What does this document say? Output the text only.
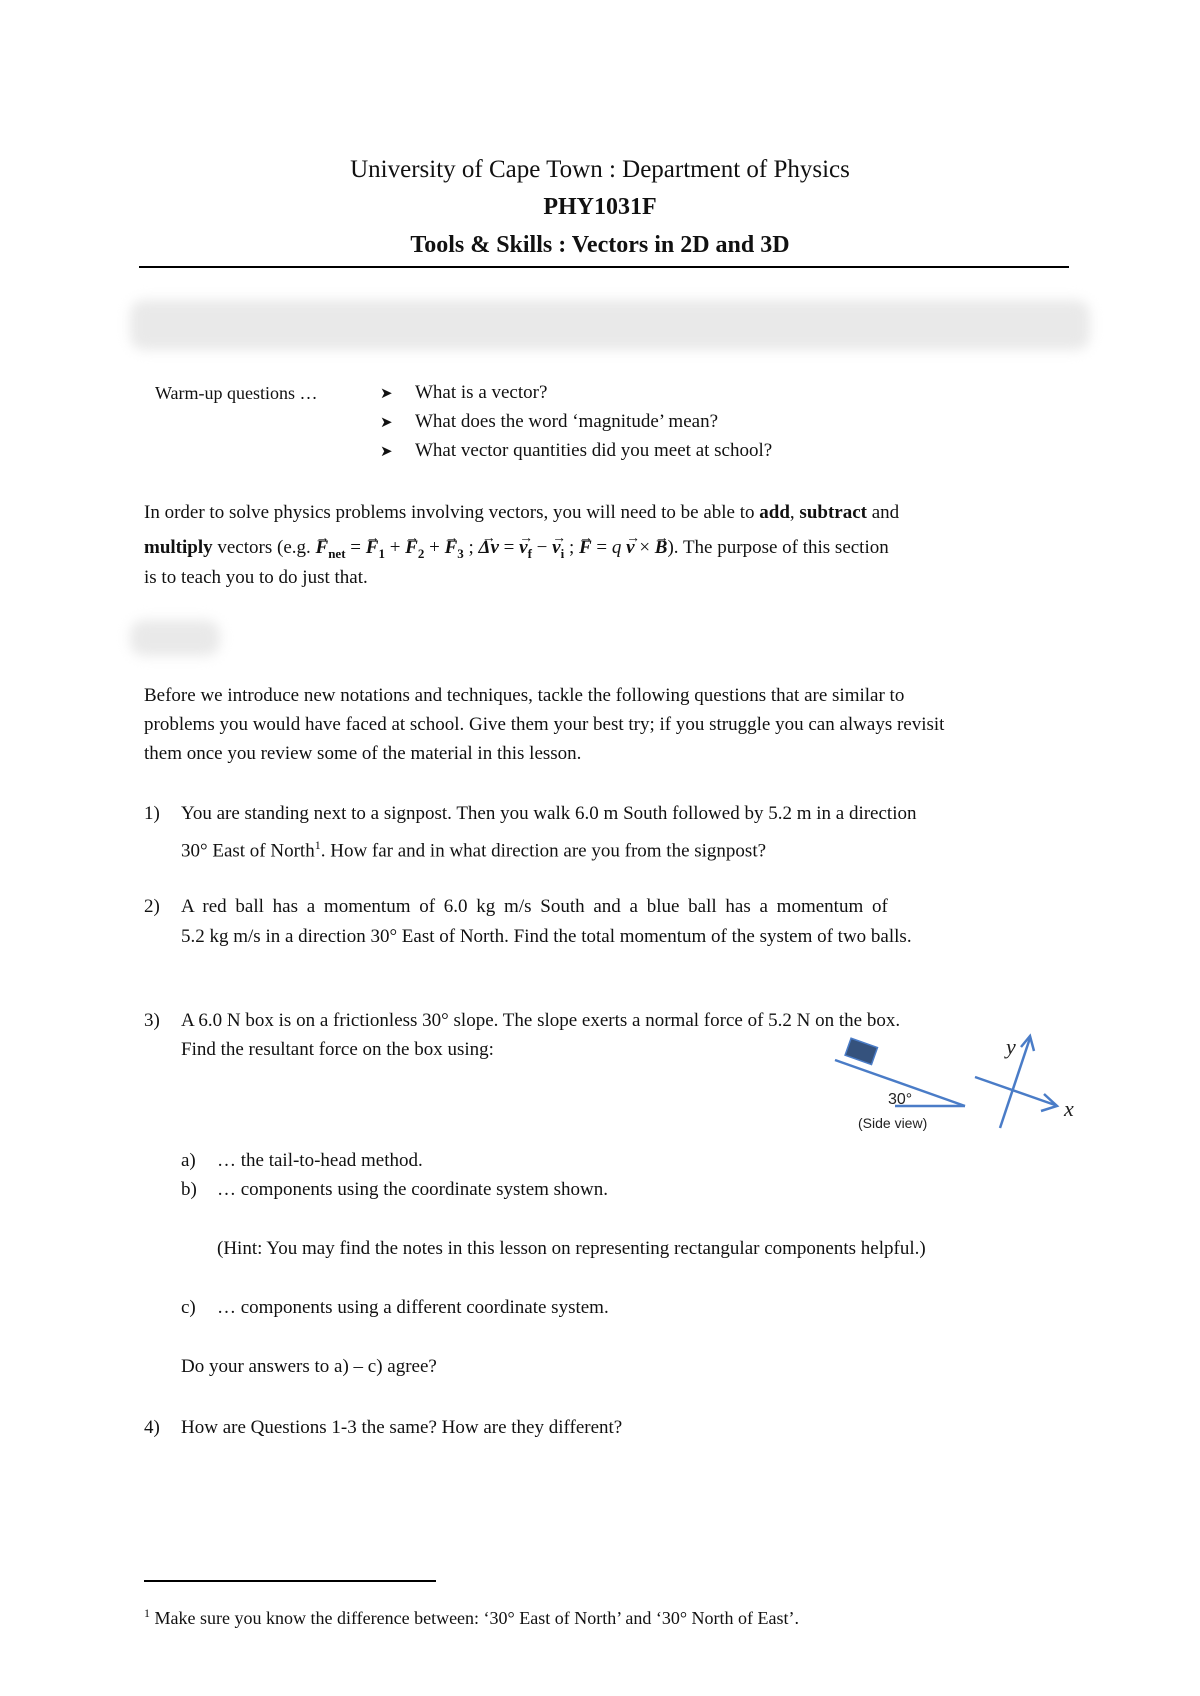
University of Cape Town : Department of Physics
PHY1031F
Tools & Skills : Vectors in 2D and 3D
Warm-up questions …	➤ What is a vector?
➤ What does the word ‘magnitude’ mean?
➤ What vector quantities did you meet at school?
In order to solve physics problems involving vectors, you will need to be able to add, subtract and
multiply vectors (e.g. → $F_{net}$ = → $F_1$ + → $F_2$ + → $F_3$ ; → Δv = → $v_f$ − → $v_i$ ; → F = q → v × → B). The purpose of this section
is to teach you to do just that.
Before we introduce new notations and techniques, tackle the following questions that are similar to
problems you would have faced at school. Give them your best try; if you struggle you can always revisit
them once you review some of the material in this lesson.
1) You are standing next to a signpost. Then you walk 6.0 m South followed by 5.2 m in a direction
30° East of North$^1$. How far and in what direction are you from the signpost?
2) A red ball has a momentum of 6.0 kg m/s South and a blue ball has a momentum of
5.2 kg m/s in a direction 30° East of North. Find the total momentum of the system of two balls.
3) A 6.0 N box is on a frictionless 30° slope. The slope exerts a normal force of 5.2 N on the box.
Find the resultant force on the box using:
30°
(Side view)
y
x
a) … the tail-to-head method.
b) … components using the coordinate system shown.
(Hint: You may find the notes in this lesson on representing rectangular components helpful.)
c) … components using a different coordinate system.
Do your answers to a) – c) agree?
4) How are Questions 1-3 the same? How are they different?
$^1$ Make sure you know the difference between: ‘30° East of North’ and ‘30° North of East’.
